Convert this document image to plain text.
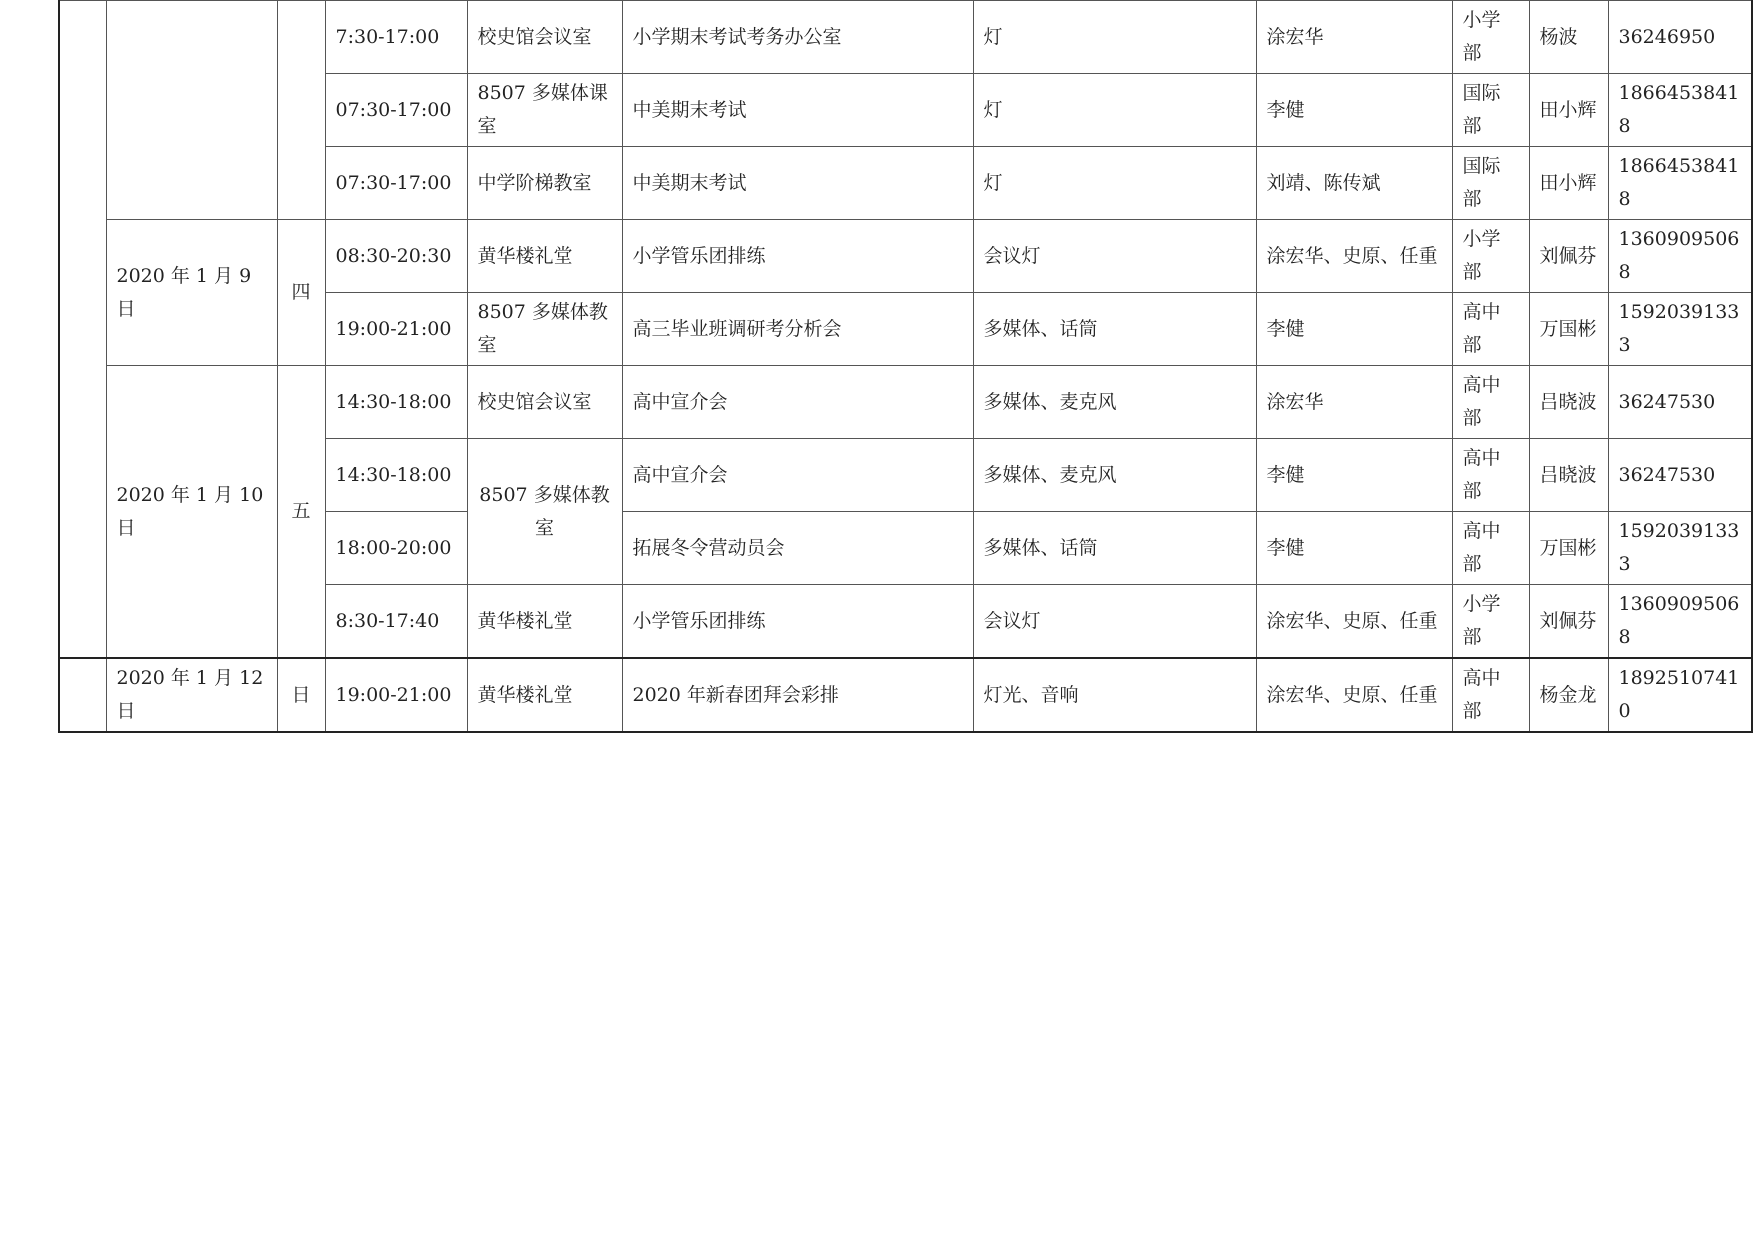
			7:30-17:00	校史馆会议室	小学期末考试考务办公室	灯	涂宏华	小学部	杨波	36246950
			07:30-17:00	8507 多媒体课室	中美期末考试	灯	李健	国际部	田小辉	18664538418
			07:30-17:00	中学阶梯教室	中美期末考试	灯	刘靖、陈传斌	国际部	田小辉	18664538418
	2020 年 1 月 9 日	四	08:30-20:30	黄华楼礼堂	小学管乐团排练	会议灯	涂宏华、史原、任重	小学部	刘佩芬	13609095068
			19:00-21:00	8507 多媒体教室	高三毕业班调研考分析会	多媒体、话筒	李健	高中部	万国彬	15920391333
	2020 年 1 月 10 日	五	14:30-18:00	校史馆会议室	高中宣介会	多媒体、麦克风	涂宏华	高中部	吕晓波	36247530
			14:30-18:00	8507 多媒体教室	高中宣介会	多媒体、麦克风	李健	高中部	吕晓波	36247530
			18:00-20:00		拓展冬令营动员会	多媒体、话筒	李健	高中部	万国彬	15920391333
			8:30-17:40	黄华楼礼堂	小学管乐团排练	会议灯	涂宏华、史原、任重	小学部	刘佩芬	13609095068
	2020 年 1 月 12 日	日	19:00-21:00	黄华楼礼堂	2020 年新春团拜会彩排	灯光、音响	涂宏华、史原、任重	高中部	杨金龙	18925107410
